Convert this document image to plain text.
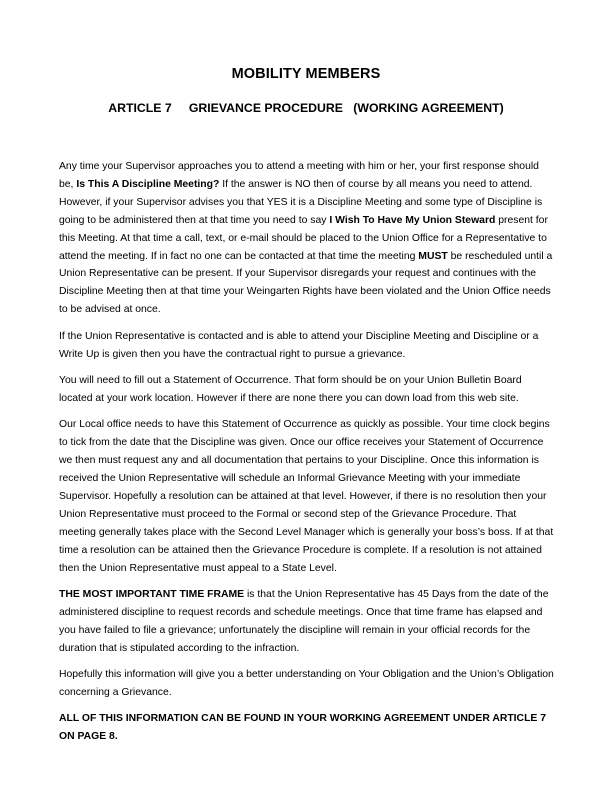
MOBILITY MEMBERS
ARTICLE 7     GRIEVANCE PROCEDURE   (WORKING AGREEMENT)

Any time your Supervisor approaches you to attend a meeting with him or her, your first response should be, Is This A Discipline Meeting? If the answer is NO then of course by all means you need to attend. However, if your Supervisor advises you that YES it is a Discipline Meeting and some type of Discipline is going to be administered then at that time you need to say I Wish To Have My Union Steward present for this Meeting. At that time a call, text, or e-mail should be placed to the Union Office for a Representative to attend the meeting. If in fact no one can be contacted at that time the meeting MUST be rescheduled until a Union Representative can be present. If your Supervisor disregards your request and continues with the Discipline Meeting then at that time your Weingarten Rights have been violated and the Union Office needs to be advised at once.

If the Union Representative is contacted and is able to attend your Discipline Meeting and Discipline or a Write Up is given then you have the contractual right to pursue a grievance.

You will need to fill out a Statement of Occurrence. That form should be on your Union Bulletin Board located at your work location. However if there are none there you can down load from this web site.

Our Local office needs to have this Statement of Occurrence as quickly as possible. Your time clock begins to tick from the date that the Discipline was given. Once our office receives your Statement of Occurrence we then must request any and all documentation that pertains to your Discipline. Once this information is received the Union Representative will schedule an Informal Grievance Meeting with your immediate Supervisor. Hopefully a resolution can be attained at that level. However, if there is no resolution then your Union Representative must proceed to the Formal or second step of the Grievance Procedure. That meeting generally takes place with the Second Level Manager which is generally your boss’s boss. If at that time a resolution can be attained then the Grievance Procedure is complete. If a resolution is not attained then the Union Representative must appeal to a State Level.

THE MOST IMPORTANT TIME FRAME is that the Union Representative has 45 Days from the date of the administered discipline to request records and schedule meetings. Once that time frame has elapsed and you have failed to file a grievance; unfortunately the discipline will remain in your official records for the duration that is stipulated according to the infraction.

Hopefully this information will give you a better understanding on Your Obligation and the Union’s Obligation concerning a Grievance.

ALL OF THIS INFORMATION CAN BE FOUND IN YOUR WORKING AGREEMENT UNDER ARTICLE 7 ON PAGE 8.
